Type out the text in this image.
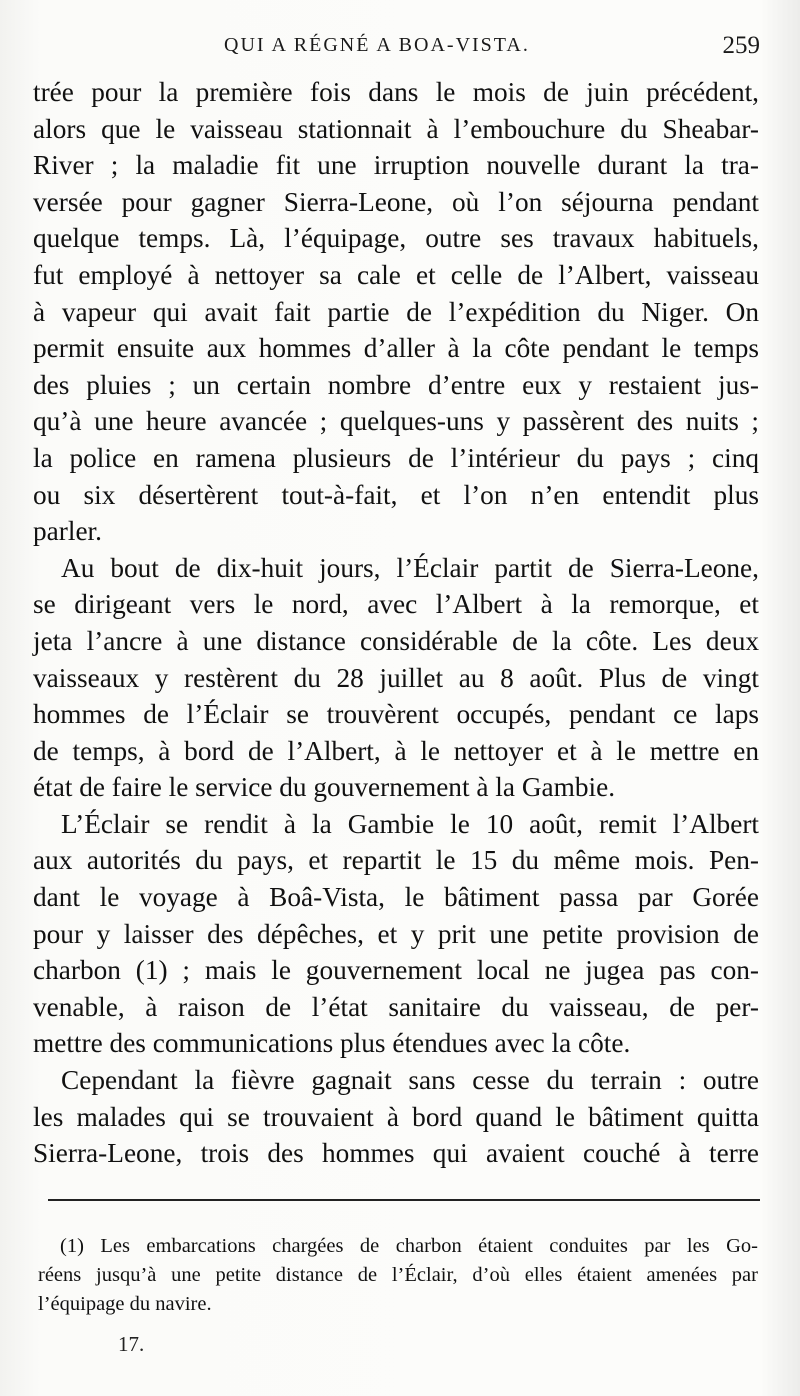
QUI A RÉGNÉ A BOA-VISTA.	259
trée pour la première fois dans le mois de juin précédent,
alors que le vaisseau stationnait à l’embouchure du Sheabar-
River ; la maladie fit une irruption nouvelle durant la tra-
versée pour gagner Sierra-Leone, où l’on séjourna pendant
quelque temps. Là, l’équipage, outre ses travaux habituels,
fut employé à nettoyer sa cale et celle de l’Albert, vaisseau
à vapeur qui avait fait partie de l’expédition du Niger. On
permit ensuite aux hommes d’aller à la côte pendant le temps
des pluies ; un certain nombre d’entre eux y restaient jus-
qu’à une heure avancée ; quelques-uns y passèrent des nuits ;
la police en ramena plusieurs de l’intérieur du pays ; cinq
ou six désertèrent tout-à-fait, et l’on n’en entendit plus
parler.
Au bout de dix-huit jours, l’Éclair partit de Sierra-Leone,
se dirigeant vers le nord, avec l’Albert à la remorque, et
jeta l’ancre à une distance considérable de la côte. Les deux
vaisseaux y restèrent du 28 juillet au 8 août. Plus de vingt
hommes de l’Éclair se trouvèrent occupés, pendant ce laps
de temps, à bord de l’Albert, à le nettoyer et à le mettre en
état de faire le service du gouvernement à la Gambie.
L’Éclair se rendit à la Gambie le 10 août, remit l’Albert
aux autorités du pays, et repartit le 15 du même mois. Pen-
dant le voyage à Boâ-Vista, le bâtiment passa par Gorée
pour y laisser des dépêches, et y prit une petite provision de
charbon (1) ; mais le gouvernement local ne jugea pas con-
venable, à raison de l’état sanitaire du vaisseau, de per-
mettre des communications plus étendues avec la côte.
Cependant la fièvre gagnait sans cesse du terrain : outre
les malades qui se trouvaient à bord quand le bâtiment quitta
Sierra-Leone, trois des hommes qui avaient couché à terre
(1) Les embarcations chargées de charbon étaient conduites par les Go-
réens jusqu’à une petite distance de l’Éclair, d’où elles étaient amenées par
l’équipage du navire.
17.
